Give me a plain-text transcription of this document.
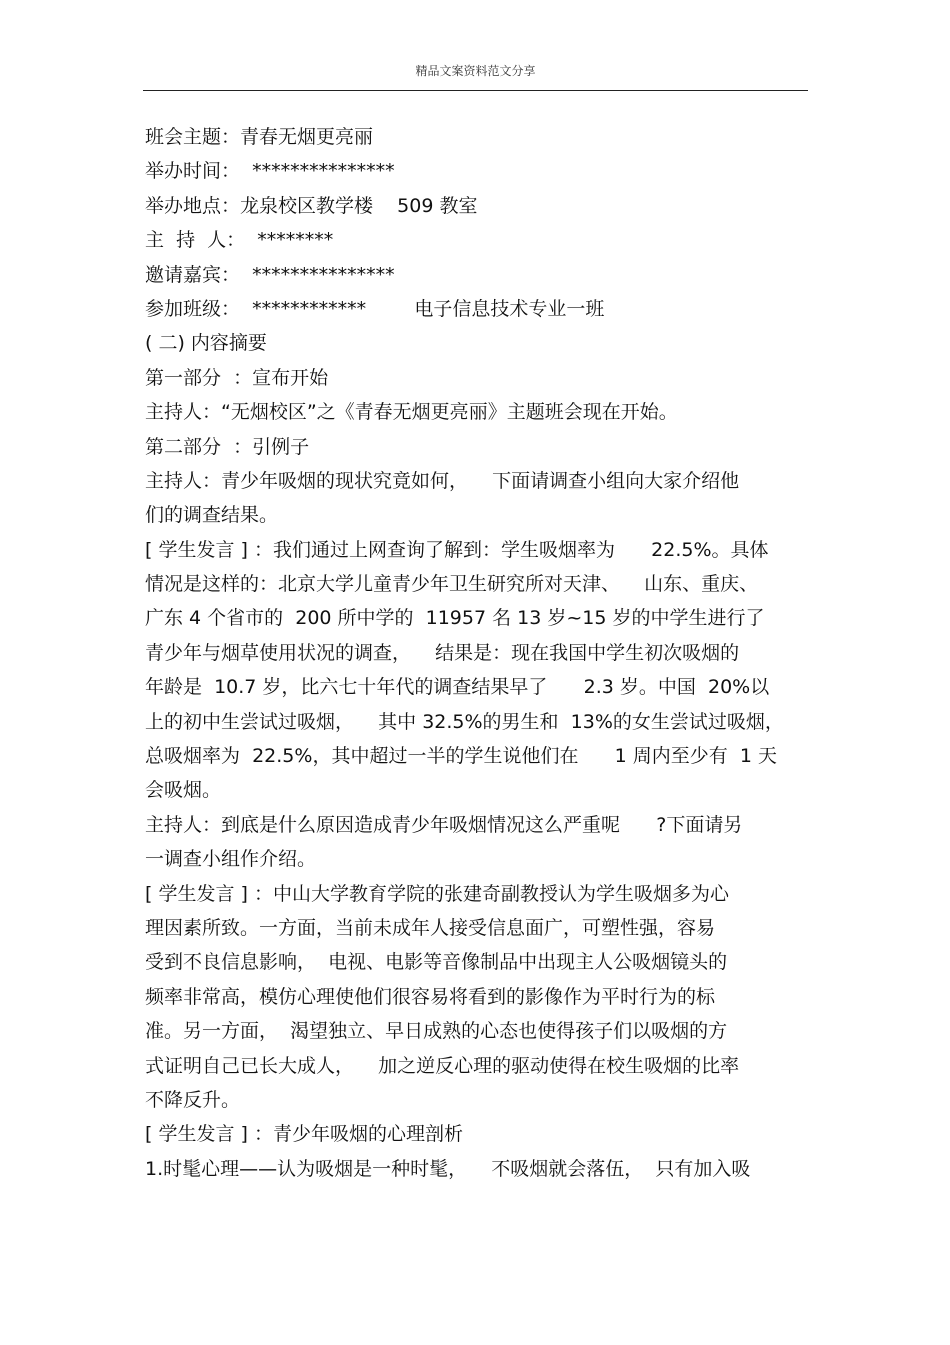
精品文案资料范文分享
班会主题：青春无烟更亮丽
举办时间：  ***************
举办地点：龙泉校区教学楼    509 教室
主  持  人：  ********
邀请嘉宾：  ***************
参加班级：  ************        电子信息技术专业一班
( 二) 内容摘要
第一部分  ：宣布开始
主持人：“无烟校区”之《青春无烟更亮丽》主题班会现在开始。
第二部分  ：引例子
主持人：青少年吸烟的现状究竟如何，    下面请调查小组向大家介绍他
们的调查结果。
[ 学生发言 ] ：我们通过上网查询了解到：学生吸烟率为      22.5%。具体
情况是这样的：北京大学儿童青少年卫生研究所对天津、    山东、重庆、
广东 4 个省市的  200 所中学的  11957 名 13 岁~15 岁的中学生进行了
青少年与烟草使用状况的调查，    结果是：现在我国中学生初次吸烟的
年龄是  10.7 岁，比六七十年代的调查结果早了      2.3 岁。中国  20%以
上的初中生尝试过吸烟，    其中 32.5%的男生和  13%的女生尝试过吸烟，
总吸烟率为  22.5%，其中超过一半的学生说他们在      1 周内至少有  1 天
会吸烟。
主持人：到底是什么原因造成青少年吸烟情况这么严重呢      ?下面请另
一调查小组作介绍。
[ 学生发言 ] ：中山大学教育学院的张建奇副教授认为学生吸烟多为心
理因素所致。一方面，当前未成年人接受信息面广，可塑性强，容易
受到不良信息影响，  电视、电影等音像制品中出现主人公吸烟镜头的
频率非常高，模仿心理使他们很容易将看到的影像作为平时行为的标
准。另一方面，  渴望独立、早日成熟的心态也使得孩子们以吸烟的方
式证明自己已长大成人，    加之逆反心理的驱动使得在校生吸烟的比率
不降反升。
[ 学生发言 ] ：青少年吸烟的心理剖析
1.时髦心理——认为吸烟是一种时髦，    不吸烟就会落伍，  只有加入吸
